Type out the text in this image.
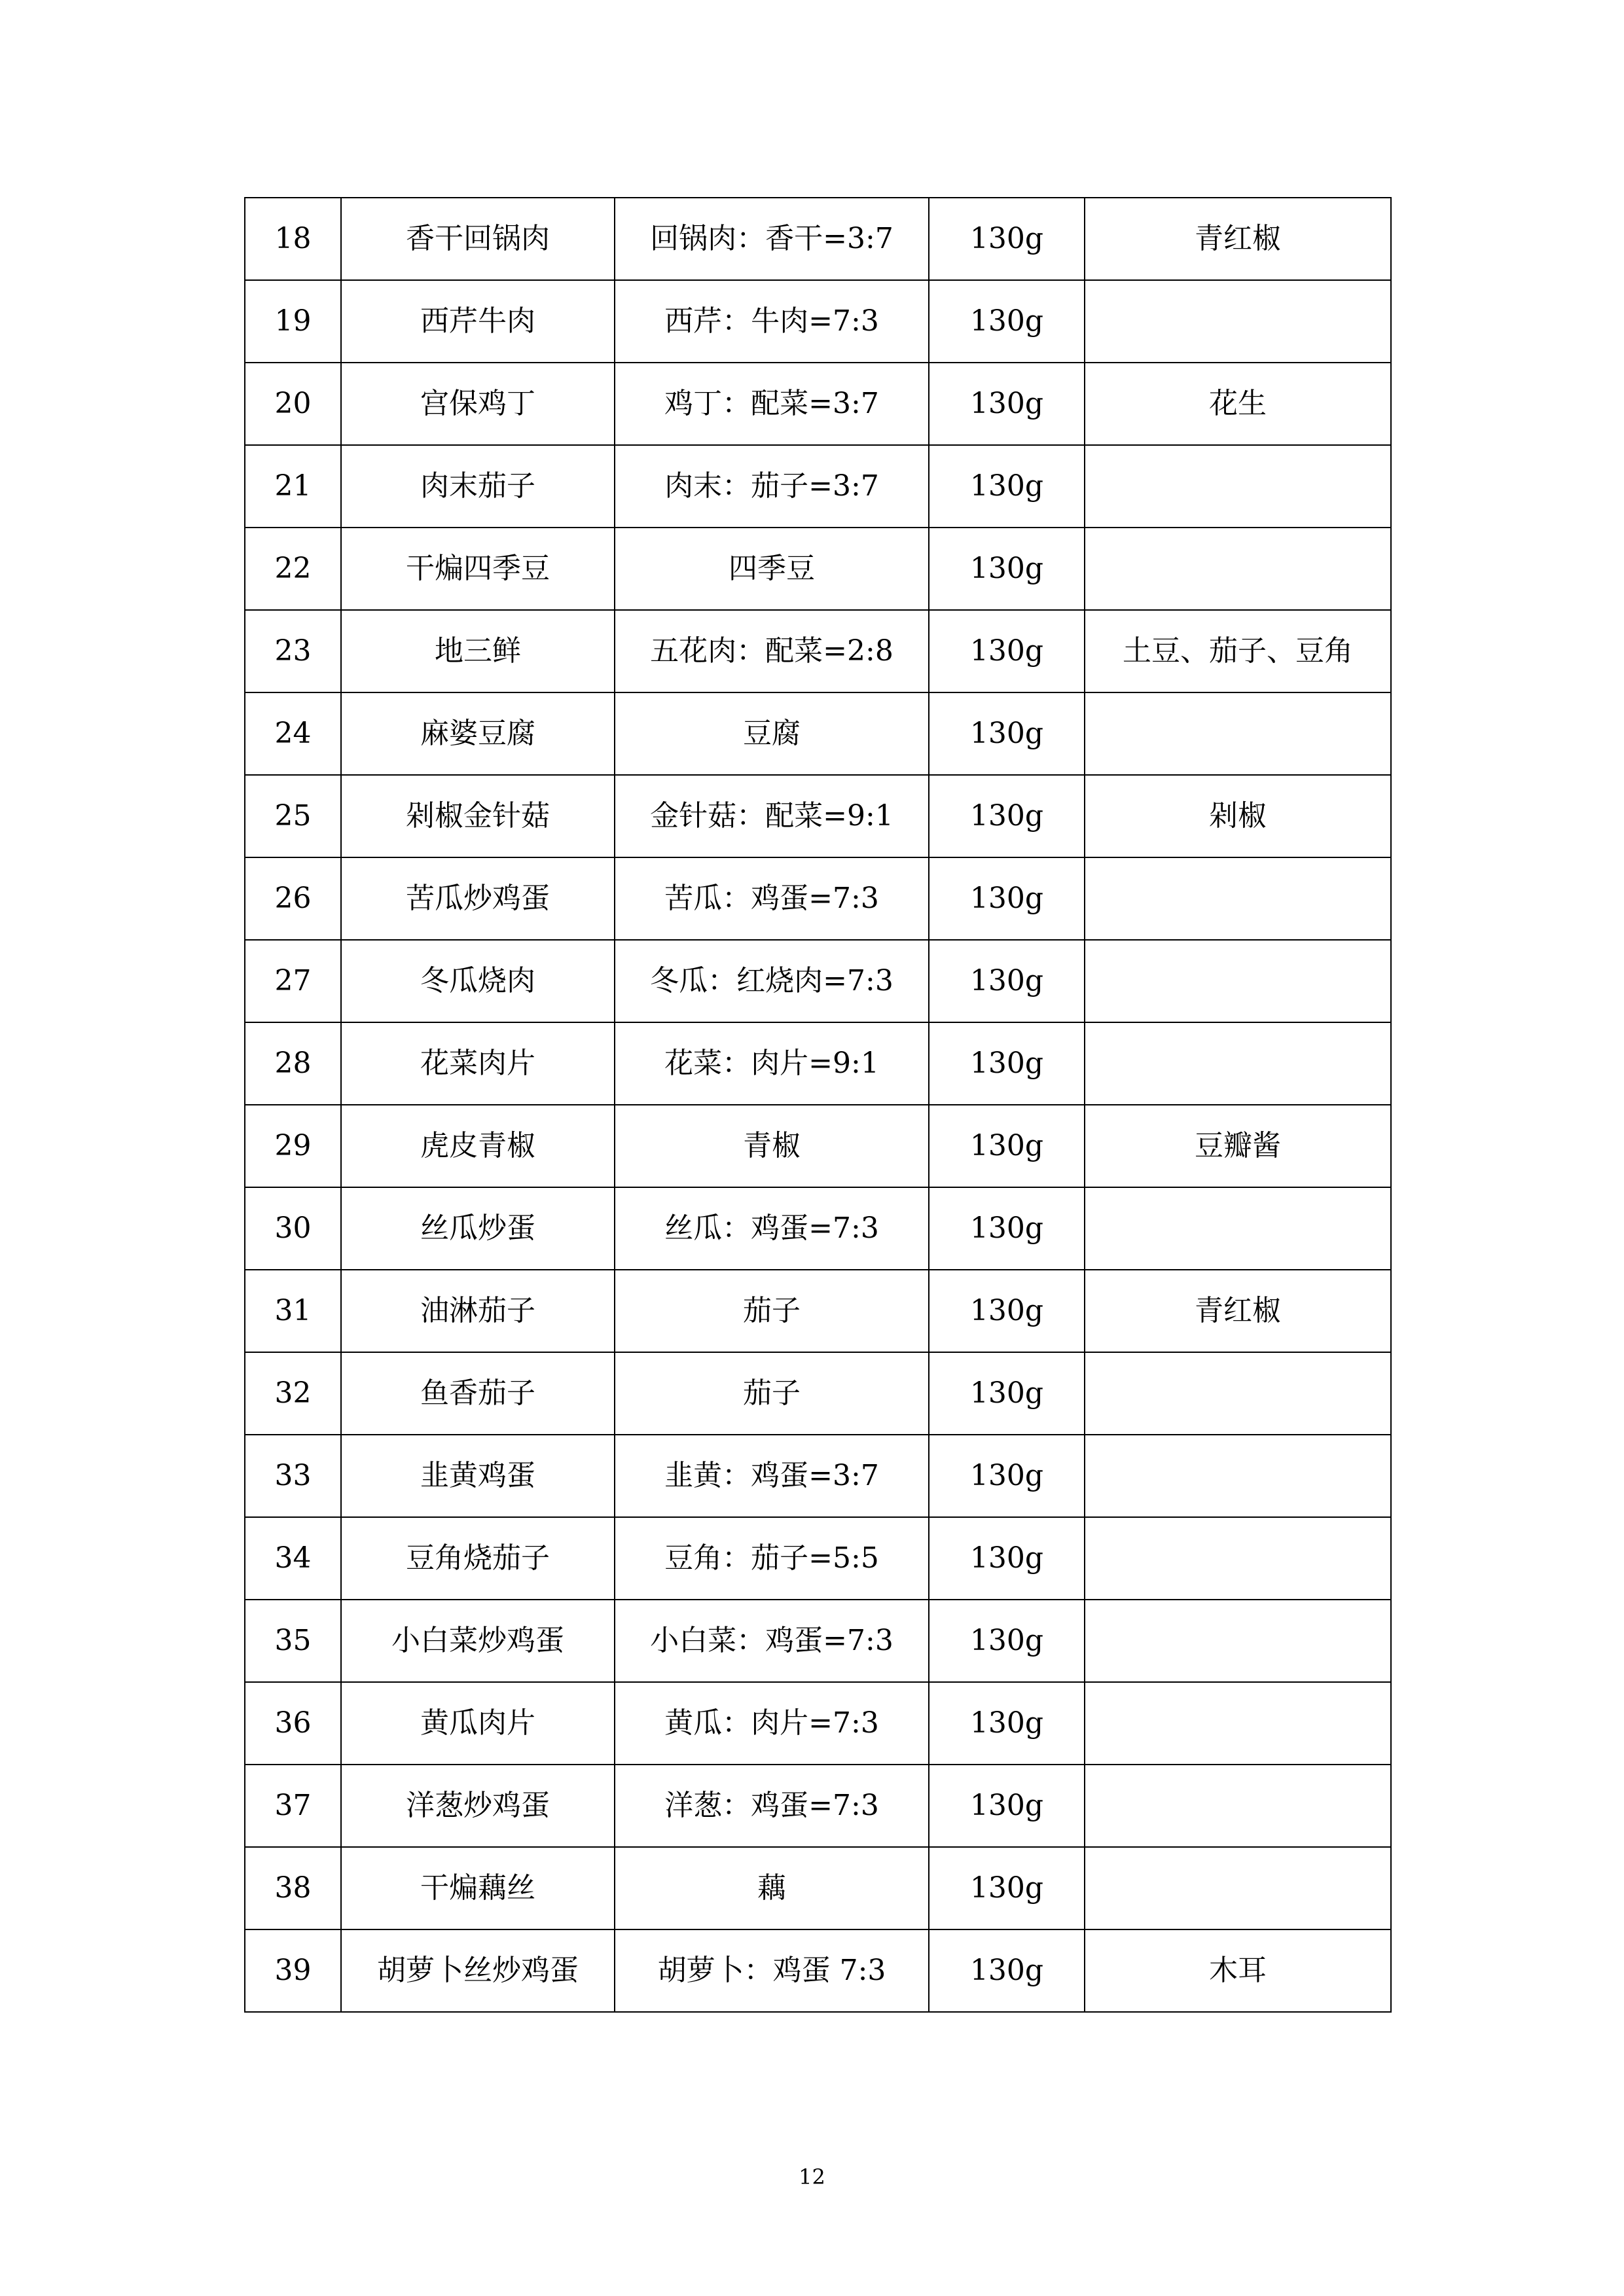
18	香干回锅肉	回锅肉：香干=3:7	130g	青红椒
19	西芹牛肉	西芹：牛肉=7:3	130g	
20	宫保鸡丁	鸡丁：配菜=3:7	130g	花生
21	肉末茄子	肉末：茄子=3:7	130g	
22	干煸四季豆	四季豆	130g	
23	地三鲜	五花肉：配菜=2:8	130g	土豆、茄子、豆角
24	麻婆豆腐	豆腐	130g	
25	剁椒金针菇	金针菇：配菜=9:1	130g	剁椒
26	苦瓜炒鸡蛋	苦瓜：鸡蛋=7:3	130g	
27	冬瓜烧肉	冬瓜：红烧肉=7:3	130g	
28	花菜肉片	花菜：肉片=9:1	130g	
29	虎皮青椒	青椒	130g	豆瓣酱
30	丝瓜炒蛋	丝瓜：鸡蛋=7:3	130g	
31	油淋茄子	茄子	130g	青红椒
32	鱼香茄子	茄子	130g	
33	韭黄鸡蛋	韭黄：鸡蛋=3:7	130g	
34	豆角烧茄子	豆角：茄子=5:5	130g	
35	小白菜炒鸡蛋	小白菜：鸡蛋=7:3	130g	
36	黄瓜肉片	黄瓜：肉片=7:3	130g	
37	洋葱炒鸡蛋	洋葱：鸡蛋=7:3	130g	
38	干煸藕丝	藕	130g	
39	胡萝卜丝炒鸡蛋	胡萝卜：鸡蛋 7:3	130g	木耳
12
